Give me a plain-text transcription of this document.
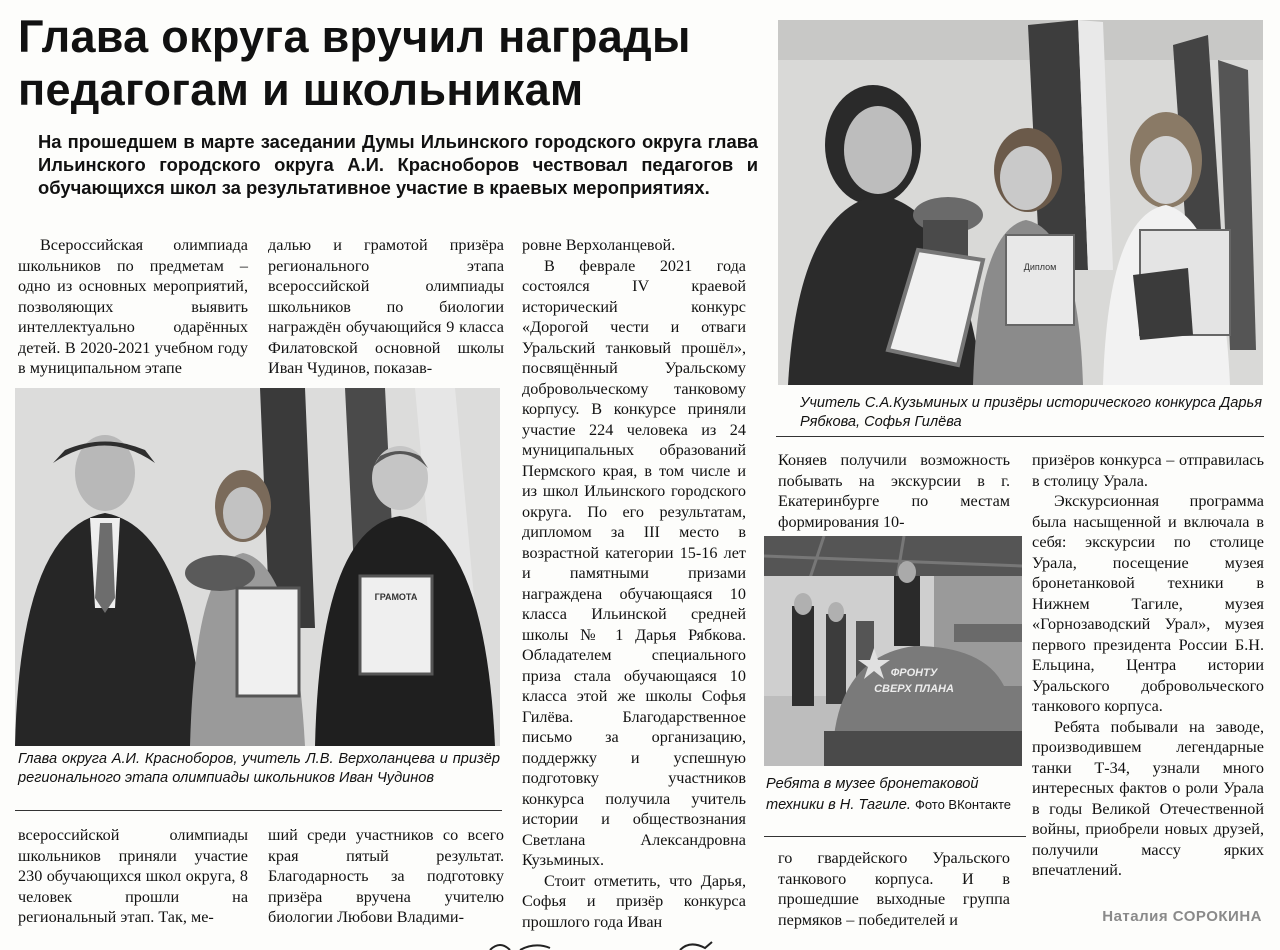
Глава округа вручил награды
педагогам и школьникам
На прошедшем в марте заседании Думы Ильинского городского округа глава Ильинского городского округа А.И. Красноборов чествовал педагогов и обучающихся школ за результативное участие в краевых мероприятиях.
Диплом
Учитель С.А.Кузьминых и призёры исторического конкурса Дарья Рябкова, Софья Гилёва

Всероссийская олимпиада школьников по предметам – одно из основных мероприятий, позволяющих выявить интеллектуально одарённых детей. В 2020-2021 учебном году в муниципальном этапе

далью и грамотой призёра регионального этапа всероссийской олимпиады школьников по биологии награждён обучающийся 9 класса Филатовской основной школы Иван Чудинов, показав-

ровне Верхоланцевой.

В феврале 2021 года состоялся IV краевой исторический конкурс «Дорогой чести и отваги Уральский танковый прошёл», посвящённый Уральскому добровольческому танковому корпусу. В конкурсе приняли участие 224 человека из 24 муниципальных образований Пермского края, в том числе и из школ Ильинского городского округа. По его результатам, дипломом за III место в возрастной категории 15-16 лет и памятными призами награждена обучающаяся 10 класса Ильинской средней школы № 1 Дарья Рябкова. Обладателем специального приза стала обучающаяся 10 класса этой же школы Софья Гилёва. Благодарственное письмо за организацию, поддержку и успешную подготовку участников конкурса получила учитель истории и обществознания Светлана Александровна Кузьминых.

Стоит отметить, что Дарья, Софья и призёр конкурса прошлого года Иван

ГРАМОТА
Глава округа А.И. Красноборов, учитель Л.В. Верхоланцева и призёр регионального этапа олимпиады школьников Иван Чудинов

всероссийской олимпиады школьников приняли участие 230 обучающихся школ округа, 8 человек прошли на региональный этап. Так, ме-

ший среди участников со всего края пятый результат. Благодарность за подготовку призёра вручена учителю биологии Любови Владими-

Коняев получили возможность побывать на экскурсии в г. Екатеринбурге по местам формирования 10-

ФРОНТУ
СВЕРХ ПЛАНА
Ребята в музее бронетаковой техники в Н. Тагиле. Фото ВКонтакте

го гвардейского Уральского танкового корпуса. И в прошедшие выходные группа пермяков – победителей и

призёров конкурса – отправилась в столицу Урала.

Экскурсионная программа была насыщенной и включала в себя: экскурсии по столице Урала, посещение музея бронетанковой техники в Нижнем Тагиле, музея «Горнозаводский Урал», музея первого президента России Б.Н. Ельцина, Центра истории Уральского добровольческого танкового корпуса.

Ребята побывали на заводе, производившем легендарные танки Т-34, узнали много интересных фактов о роли Урала в годы Великой Отечественной войны, приобрели новых друзей, получили массу ярких впечатлений.

Наталия СОРОКИНА
